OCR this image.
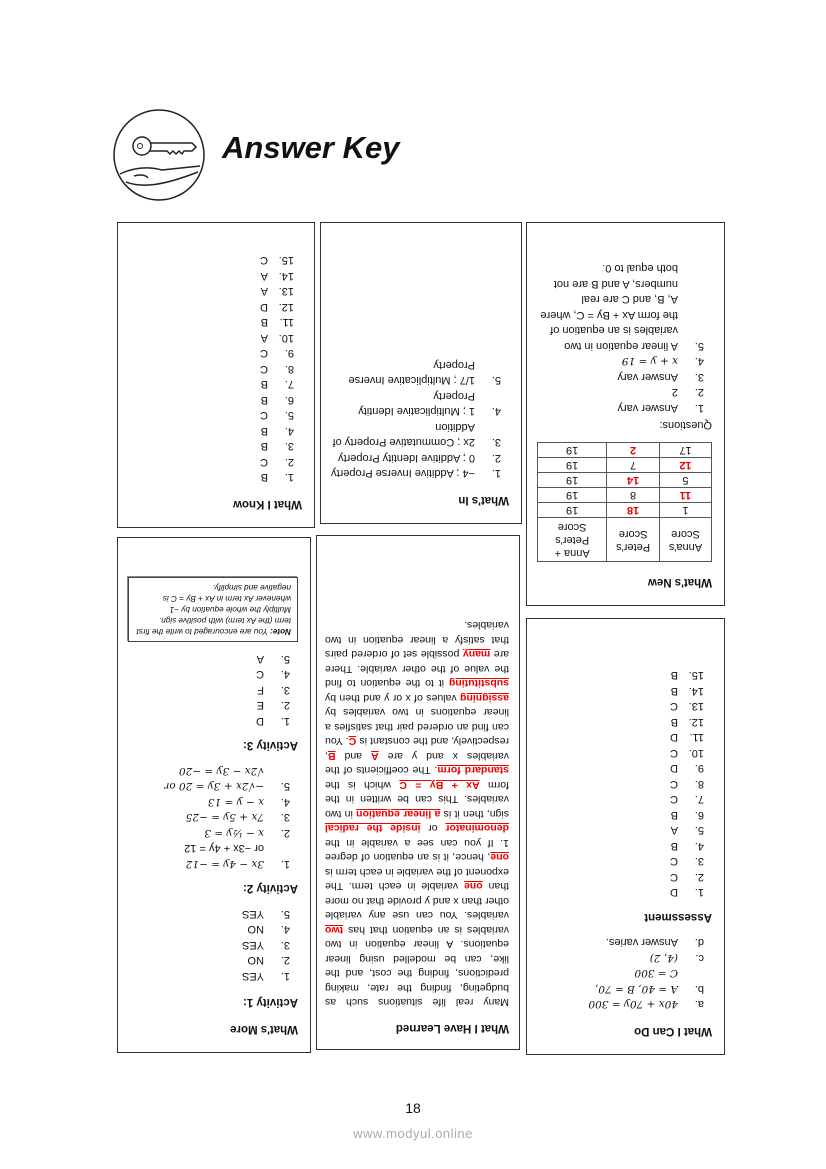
Answer Key
What's New
Anna's Score	Peter's Score	Anna + Peter's Score
1	18	19
11	8	19
5	14	19
12	7	19
17	2	19
Questions:
1.
Answer vary
2.
2
3.
Answer vary
4.
x + y = 19
5.
A linear equation in two variables is an equation of the form Ax + By = C, where A, B, and C are real numbers, A and B are not both equal to 0.
What I Can Do
a.
40x + 70y = 300
b.
A = 40, B = 70,
C = 300
c.
(4, 2)
d.
Answer varies.
Assessment
1.
D
2.
C
3.
C
4.
B
5.
A
6.
B
7.
C
8.
C
9.
D
10.
C
11.
D
12.
B
13.
C
14.
B
15.
B
What's In
1.
−4 ; Additive Inverse Property
2.
0 ; Additive Identity Property
3.
2x ; Commutative Property of Addition
4.
1 ; Multiplicative Identity Property
5.
1/7 ; Multiplicative Inverse Property
What I Have Learned
Many real life situations such as budgeting, finding the rate, making predictions, finding the cost, and the like, can be modelled using linear equations. A linear equation in two variables is an equation that has two variables. You can use any variable other than x and y provide that no more than one variable in each term. The exponent of the variable in each term is one, hence, it is an equation of degree 1. If you can see a variable in the denominator or inside the radical sign, then it is a linear equation in two variables. This can be written in the form Ax + By = C which is the standard form. The coefficients of the variables x and y are A and B, respectively, and the constant is C. You can find an ordered pair that satisfies a linear equations in two variables by assigning values of x or y and then by substituting it to the equation to find the value of the other variable. There are many possible set of ordered pairs that satisfy a linear equation in two variables.
What I Know
1.
B
2.
C
3.
B
4.
B
5.
C
6.
B
7.
B
8.
C
9.
C
10.
A
11.
B
12.
D
13.
A
14.
A
15.
C
What's More
Activity 1:
1.
YES
2.
NO
3.
YES
4.
NO
5.
YES
Activity 2:
1.
3x − 4y = −12
or −3x + 4y = 12
2.
x − ½y = 3
3.
7x + 5y = −25
4.
x − y = 13
5.
−√2x + 3y = 20 or
√2x − 3y = −20
Activity 3:
1.
D
2.
E
3.
F
4.
C
5.
A
Note: You are encouraged to write the first term (the Ax term) with positive sign. Multiply the whole equation by −1 whenever Ax term in Ax + By = C is negative and simplify.
18
www.modyul.online
